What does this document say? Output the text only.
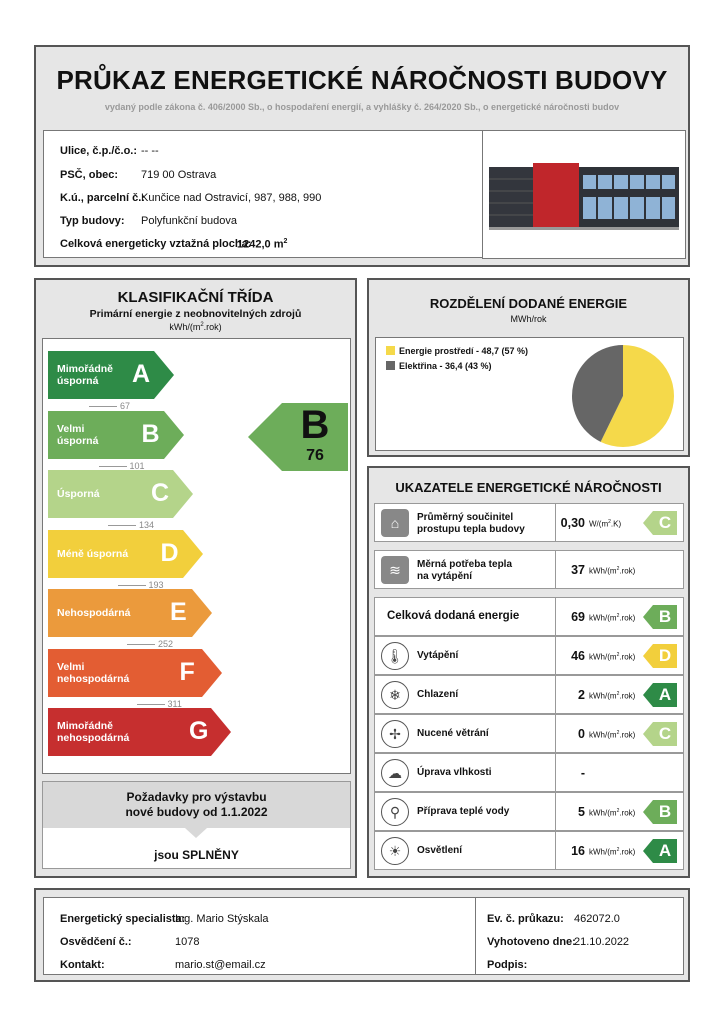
PRŮKAZ ENERGETICKÉ NÁROČNOSTI BUDOVY
vydaný podle zákona č. 406/2000 Sb., o hospodaření energií, a vyhlášky č. 264/2020 Sb., o energetické náročnosti budov
Ulice, č.p./č.o.: -- --
PSČ, obec: 719 00 Ostrava
K.ú., parcelní č.:
Kunčice nad Ostravicí, 987, 988, 990
Typ budovy: Polyfunkční budova
Celková energeticky vztažná plocha:
1242,0 $m^2$
KLASIFIKAČNÍ TŘÍDA
Primární energie z neobnovitelných zdrojů
kWh/$(m^2.rok)$
Mimořádně
úsporná	A
67
Velmi
úsporná B
101
Úsporná C
134
Méně úsporná D
193
Nehospodárná E
252
Velmi
nehospodárná F
311
Mimořádně
nehospodárná G
B
76
Požadavky pro výstavbu
nové budovy od 1.1.2022
jsou SPLNĚNY
ROZDĚLENÍ DODANÉ ENERGIE
MWh/rok
Energie prostředí - 48,7 (57 %)
Elektřina - 36,4 (43 %)
UKAZATELE ENERGETICKÉ NÁROČNOSTI
⌂	Průměrný součinitel
prostupu tepla budovy	0,30 $W/(m^2.K)$	C
≋	Měrná potřeba tepla
na vytápění	37 kWh/$(m^2.rok)$
Celková dodaná energie	69 kWh/$(m^2.rok)$	B
🌡	Vytápění	46 kWh/$(m^2.rok)$	D
❄	Chlazení	2 kWh/$(m^2.rok)$	A
✢	Nucené větrání	0 kWh/$(m^2.rok)$	C
☁	Úprava vlhkosti	-
⚲	Příprava teplé vody	5 kWh/$(m^2.rok)$	B
☀	Osvětlení	16 kWh/$(m^2.rok)$	A
Energetický specialista:
Ing. Mario Stýskala
Osvědčení č.:	1078
Kontakt:	mario.st@email.cz
Ev. č. průkazu: 462072.0
Vyhotoveno dne:
21.10.2022
Podpis:
